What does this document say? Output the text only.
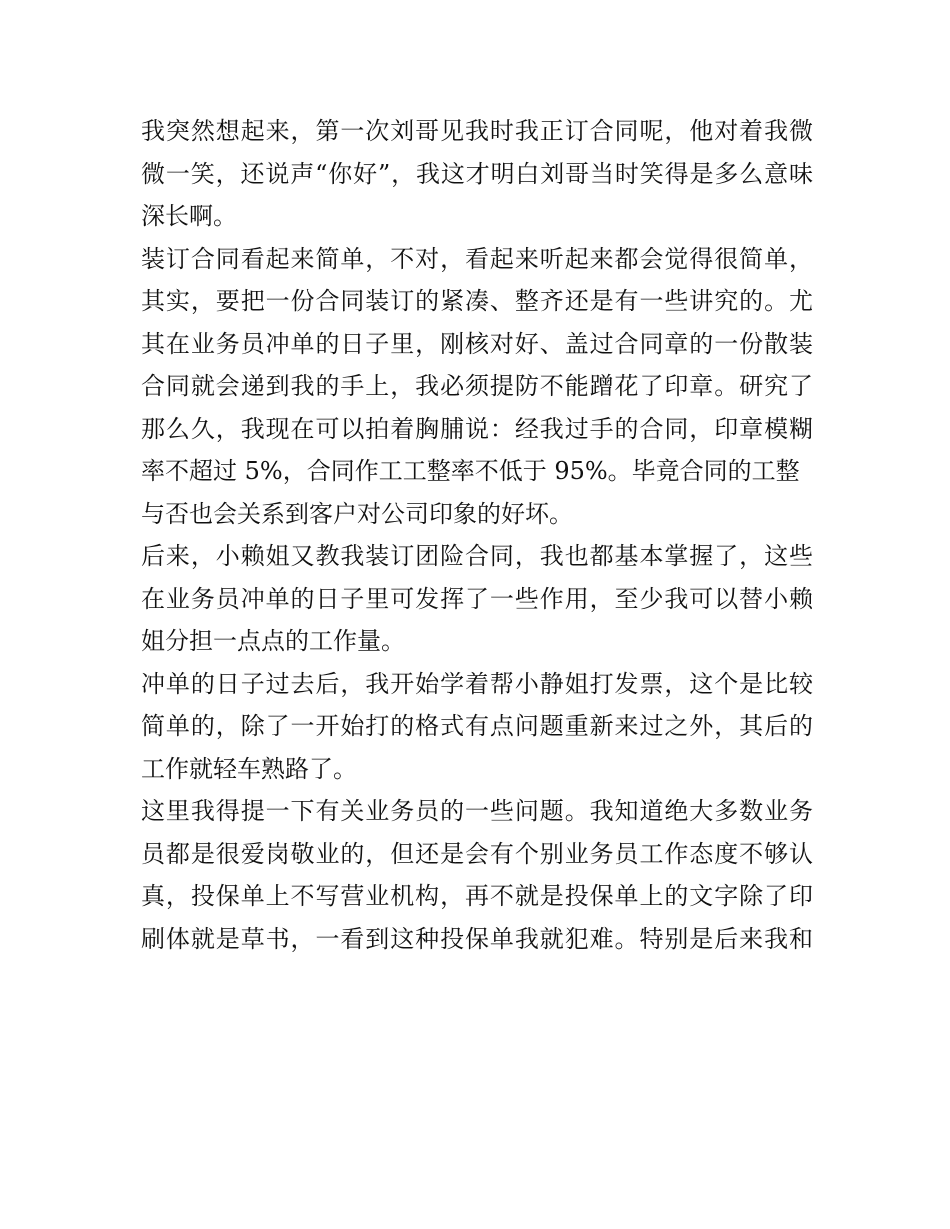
我突然想起来，第一次刘哥见我时我正订合同呢，他对着我微
微一笑，还说声“你好”，我这才明白刘哥当时笑得是多么意味
深长啊。
装订合同看起来简单，不对，看起来听起来都会觉得很简单，
其实，要把一份合同装订的紧凑、整齐还是有一些讲究的。尤
其在业务员冲单的日子里，刚核对好、盖过合同章的一份散装
合同就会递到我的手上，我必须提防不能蹭花了印章。研究了
那么久，我现在可以拍着胸脯说：经我过手的合同，印章模糊
率不超过 5%，合同作工工整率不低于 95%。毕竟合同的工整
与否也会关系到客户对公司印象的好坏。
后来，小赖姐又教我装订团险合同，我也都基本掌握了，这些
在业务员冲单的日子里可发挥了一些作用，至少我可以替小赖
姐分担一点点的工作量。
冲单的日子过去后，我开始学着帮小静姐打发票，这个是比较
简单的，除了一开始打的格式有点问题重新来过之外，其后的
工作就轻车熟路了。
这里我得提一下有关业务员的一些问题。我知道绝大多数业务
员都是很爱岗敬业的，但还是会有个别业务员工作态度不够认
真，投保单上不写营业机构，再不就是投保单上的文字除了印
刷体就是草书，一看到这种投保单我就犯难。特别是后来我和
